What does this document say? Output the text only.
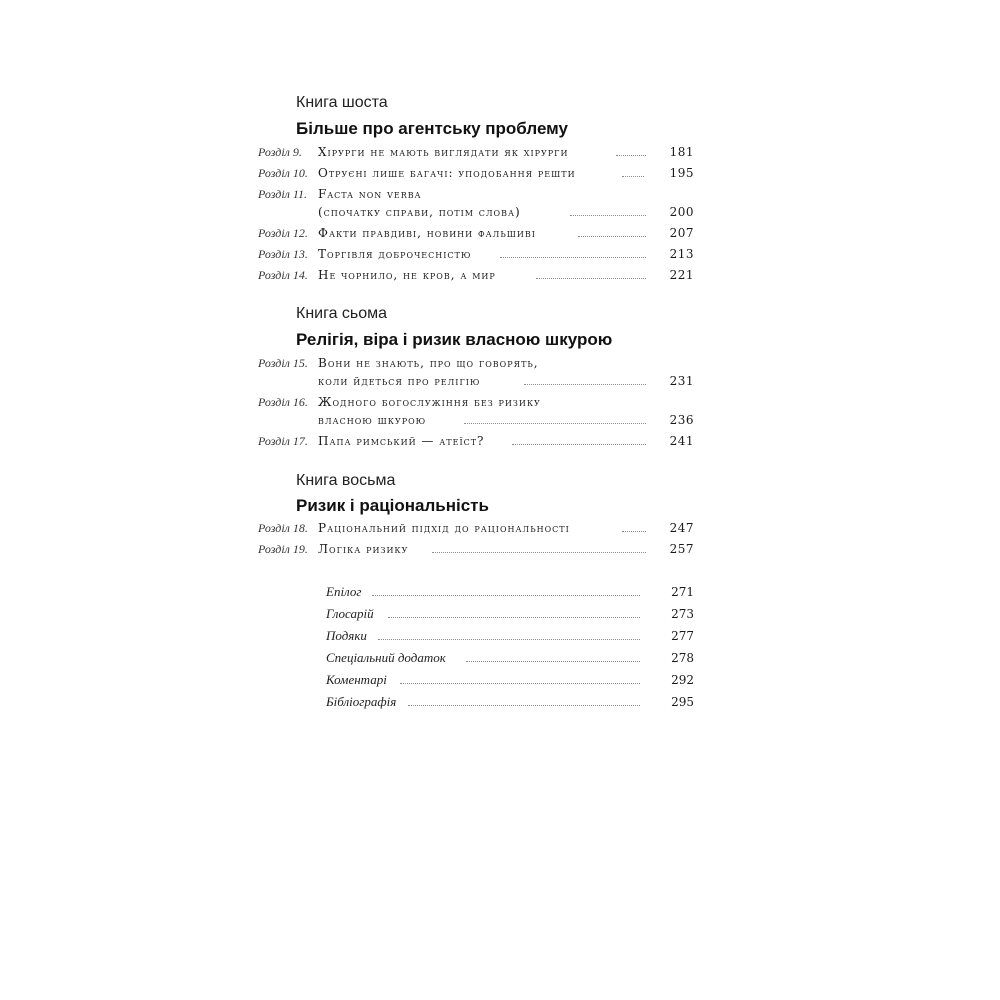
Книга шоста
Більше про агентську проблему
Розділ 9.	Хірурги не мають виглядати як хірурги	181
Розділ 10. Отруєні лише багачі: уподобання решти	195
Розділ 11. Facta non verba
(спочатку справи, потім слова)	200
Розділ 12. Факти правдиві, новини фальшиві	207
Розділ 13. Торгівля доброчесністю	213
Розділ 14. Не чорнило, не кров, а мир	221
Книга сьома
Релігія, віра і ризик власною шкурою
Розділ 15. Вони не знають, про що говорять,
коли йдеться про релігію	231
Розділ 16. Жодного богослужіння без ризику
власною шкурою	236
Розділ 17. Папа римський — атеїст?	241
Книга восьма
Ризик і раціональність
Розділ 18. Раціональний підхід до раціональності	247
Розділ 19. Логіка ризику	257
Епілог	271
Глосарій	273
Подяки	277
Спеціальний додаток	278
Коментарі	292
Бібліографія	295
